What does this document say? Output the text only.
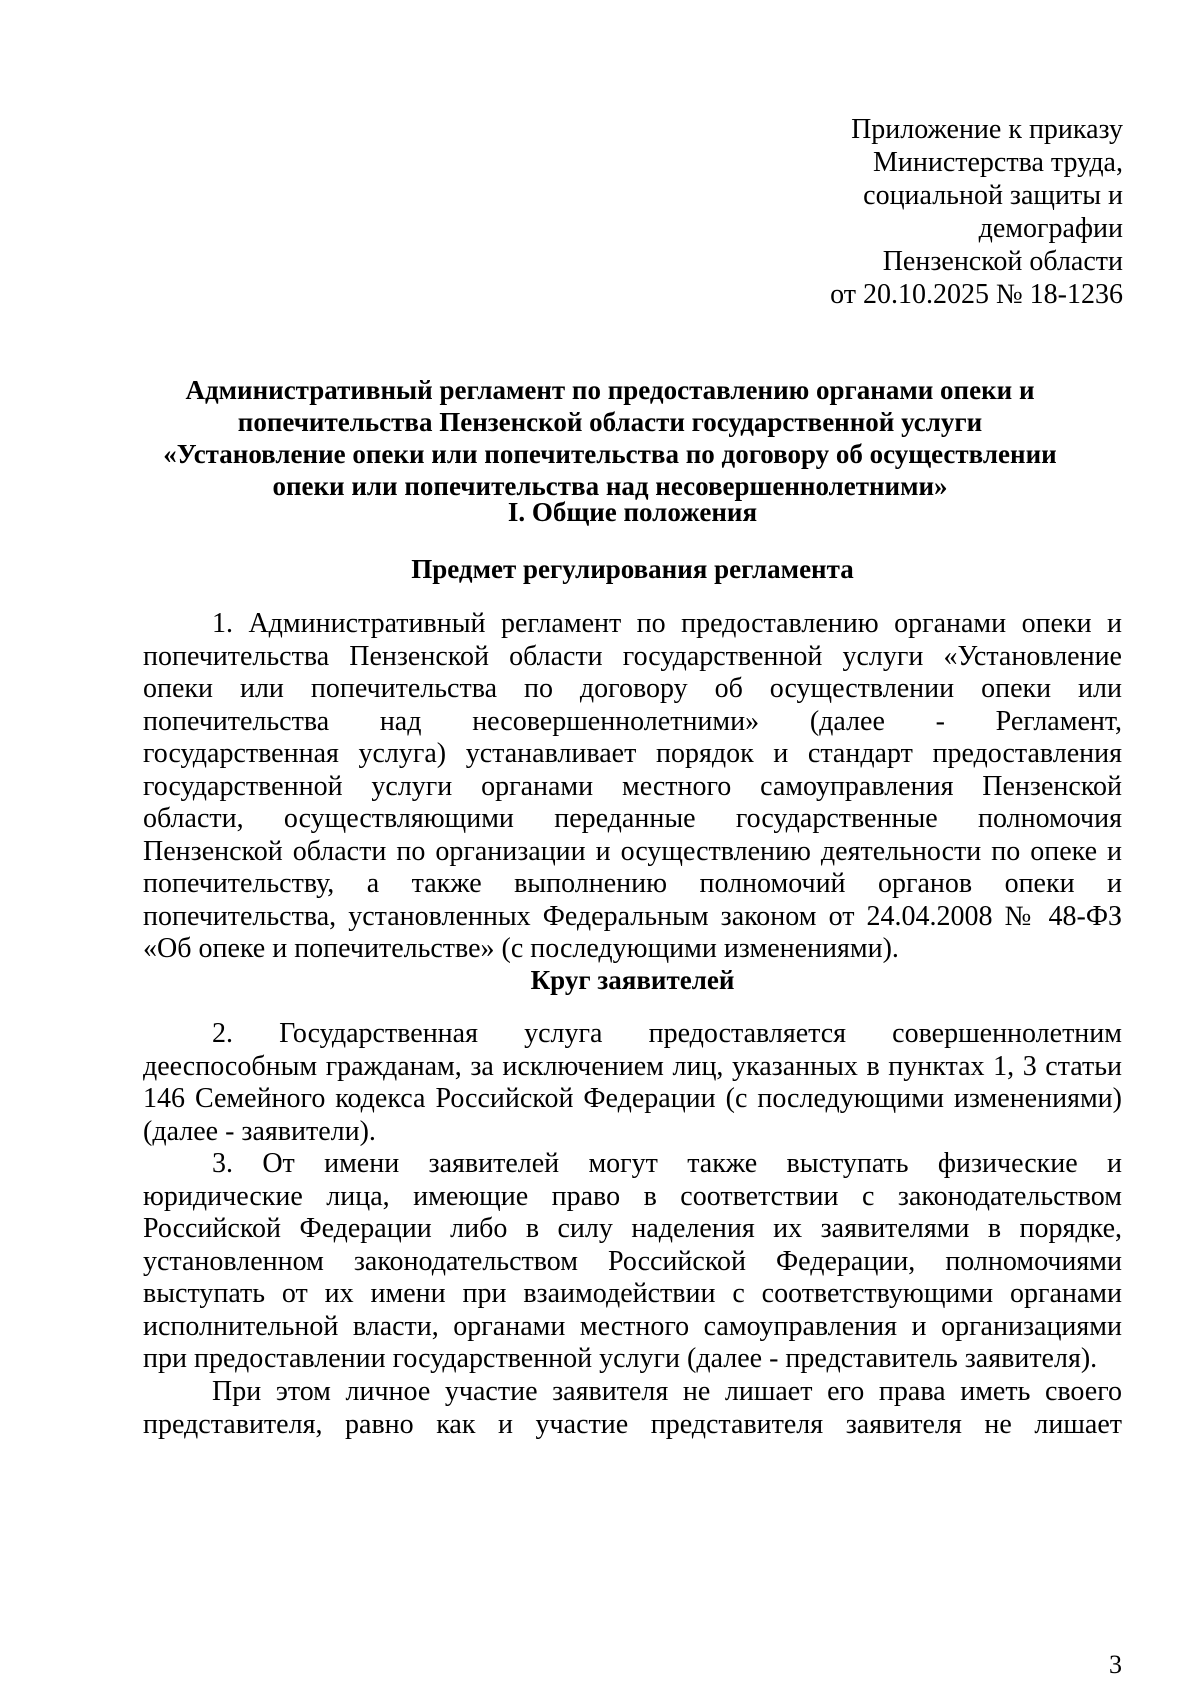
Приложение к приказу
Министерства труда,
социальной защиты и
демографии
Пензенской области
от 20.10.2025 № 18-1236
Административный регламент по предоставлению органами опеки и
попечительства Пензенской области государственной услуги
«Установление опеки или попечительства по договору об осуществлении
опеки или попечительства над несовершеннолетними»
I. Общие положения
Предмет регулирования регламента
1. Административный регламент по предоставлению органами опеки и
попечительства Пензенской области государственной услуги «Установление
опеки или попечительства по договору об осуществлении опеки или
попечительства над несовершеннолетними» (далее - Регламент,
государственная услуга) устанавливает порядок и стандарт предоставления
государственной услуги органами местного самоуправления Пензенской
области, осуществляющими переданные государственные полномочия
Пензенской области по организации и осуществлению деятельности по опеке и
попечительству, а также выполнению полномочий органов опеки и
попечительства, установленных Федеральным законом от 24.04.2008 № 48-ФЗ
«Об опеке и попечительстве» (с последующими изменениями).
Круг заявителей
2. Государственная услуга предоставляется совершеннолетним
дееспособным гражданам, за исключением лиц, указанных в пунктах 1, 3 статьи
146 Семейного кодекса Российской Федерации (с последующими изменениями)
(далее - заявители).
3. От имени заявителей могут также выступать физические и
юридические лица, имеющие право в соответствии с законодательством
Российской Федерации либо в силу наделения их заявителями в порядке,
установленном законодательством Российской Федерации, полномочиями
выступать от их имени при взаимодействии с соответствующими органами
исполнительной власти, органами местного самоуправления и организациями
при предоставлении государственной услуги (далее - представитель заявителя).
При этом личное участие заявителя не лишает его права иметь своего
представителя, равно как и участие представителя заявителя не лишает
3
